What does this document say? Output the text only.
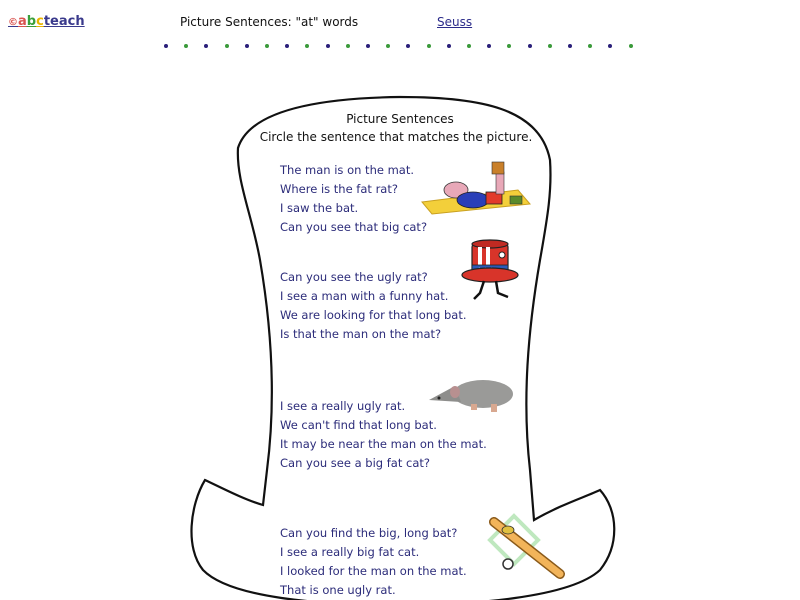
©abcteach	Picture Sentences: "at" words	Seuss
Picture Sentences
Circle the sentence that matches the picture.
The man is on the mat.
Where is the fat rat?
I saw the bat.
Can you see that big cat?
Can you see the ugly rat?
I see a man with a funny hat.
We are looking for that long bat.
Is that the man on the mat?
I see a really ugly rat.
We can't find that long bat.
It may be near the man on the mat.
Can you see a big fat cat?
Can you find the big, long bat?
I see a really big fat cat.
I looked for the man on the mat.
That is one ugly rat.
